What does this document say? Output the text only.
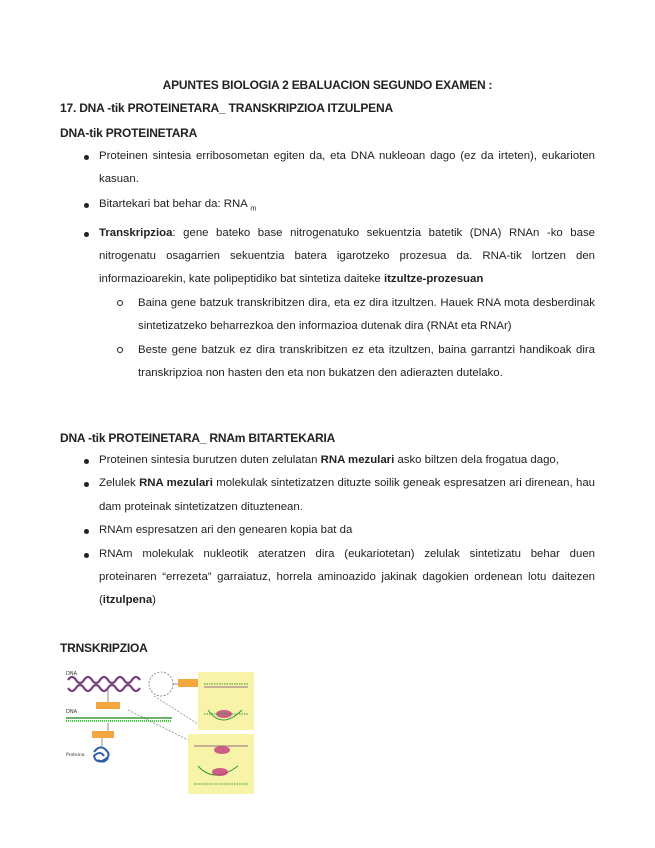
APUNTES BIOLOGIA 2 EBALUACION SEGUNDO EXAMEN :
17. DNA -tik PROTEINETARA_ TRANSKRIPZIOA ITZULPENA
DNA-tik PROTEINETARA
Proteinen sintesia erribosometan egiten da, eta DNA nukleoan dago (ez da irteten), eukarioten kasuan.
Bitartekari bat behar da: RNA $_m$
Transkripzioa: gene bateko base nitrogenatuko sekuentzia batetik (DNA) RNAn -ko base nitrogenatu osagarrien sekuentzia batera igarotzeko prozesua da. RNA-tik lortzen den informazioarekin, kate polipeptidiko bat sintetiza daiteke itzultze-prozesuan
Baina gene batzuk transkribitzen dira, eta ez dira itzultzen. Hauek RNA mota desberdinak sintetizatzeko beharrezkoa den informazioa dutenak dira (RNAt eta RNAr)
Beste gene batzuk ez dira transkribitzen ez eta itzultzen, baina garrantzi handikoak dira transkripzioa non hasten den eta non bukatzen den adierazten dutelako.
DNA -tik PROTEINETARA_ RNAm BITARTEKARIA
Proteinen sintesia burutzen duten zelulatan RNA mezulari asko biltzen dela frogatua dago,
Zelulek RNA mezulari molekulak sintetizatzen dituzte soilik geneak espresatzen ari direnean, hau dam proteinak sintetizatzen dituztenean.
RNAm espresatzen ari den genearen kopia bat da
RNAm molekulak nukleotik ateratzen dira (eukariotetan) zelulak sintetizatu behar duen proteinaren “errezeta” garraiatuz, horrela aminoazido jakinak dagokien ordenean lotu daitezen (itzulpena)
TRNSKRIPZIOA
DNA
DNA
Proteina
